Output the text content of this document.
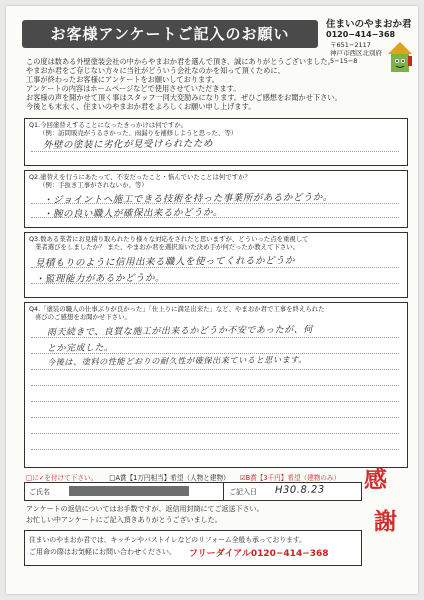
お客様アンケートご記入のお願い
住まいのやまおか君
0120−414−368
〒651−2117
神戸市西区北別府
5−15−8
この度は数ある外壁塗装会社の中からやまおか君を選んで頂き、誠にありがとうございました。
やまおか君をご存じない方々に当社がどういう会社なのかを知って頂くために、
工事が終わったお客様にアンケートをお願いしております。
アンケートの内容はホームページなどで使用させていただきます。
お客様の声を開かせて頂く事はスタッフ一同大変励みになります。ぜひご感想をお聞かせ下さい。
今後とも末永く、住まいのやまおか君をよろしくお願い申し上げます。
Q1.今回塗替えすることになったきっかけは何ですか。
（例：訪問販売がうるさかった、雨漏りを補修しようと思った、等）
外壁の塗装に劣化が見受けられたため
Q2.塗替えを行うにあたって、不安だったこと・悩んでいたことは何ですか？
（例：手抜き工事がされないか、等）
・ジョイントへ施工できる技術を持った事業所があるかどうか。
・腕の良い職人が確保出来るかどうか。
Q3.数ある業者にお見積り取られたり様々な対応をされたと思いますが、どういった点を重視して
業者選びをしましたか？ また、やまおか君を選択頂いた決め手が何だったか教えて下さい。
見積もりのように信用出来る職人を使ってくれるかどうか
・監理能力があるかどうか。
Q4.「塗装の職人の仕事ぶりが良かった」「仕上りに満足出来た」など、やまおか君で工事を終えられた
喜びのご感想をお聞かせ下さい。
雨天続きで、良質な施工が出来るかどうか不安であったが、何
とか完成した。
今後は、塗料の性能どおりの耐久性が確保出来ていると思います。
□に✓を付けて下さい。 □A賞【1万円相当】希望（人物と建物） ☑B賞【3千円】希望（建物のみ）
ご氏名	ご記入日 H30.8.23
アンケートの返信についてはお手数ですが、返信用封筒にてご返送下さい。
お忙しい中アンケートにご記入頂きありがとうございました。
住まいのやまおか君では、キッチンやバストイレなどのリフォーム全般も承っております。
ご用命の際はお気軽にお問い合わせください。 フリーダイアル0120−414−368
感
謝
